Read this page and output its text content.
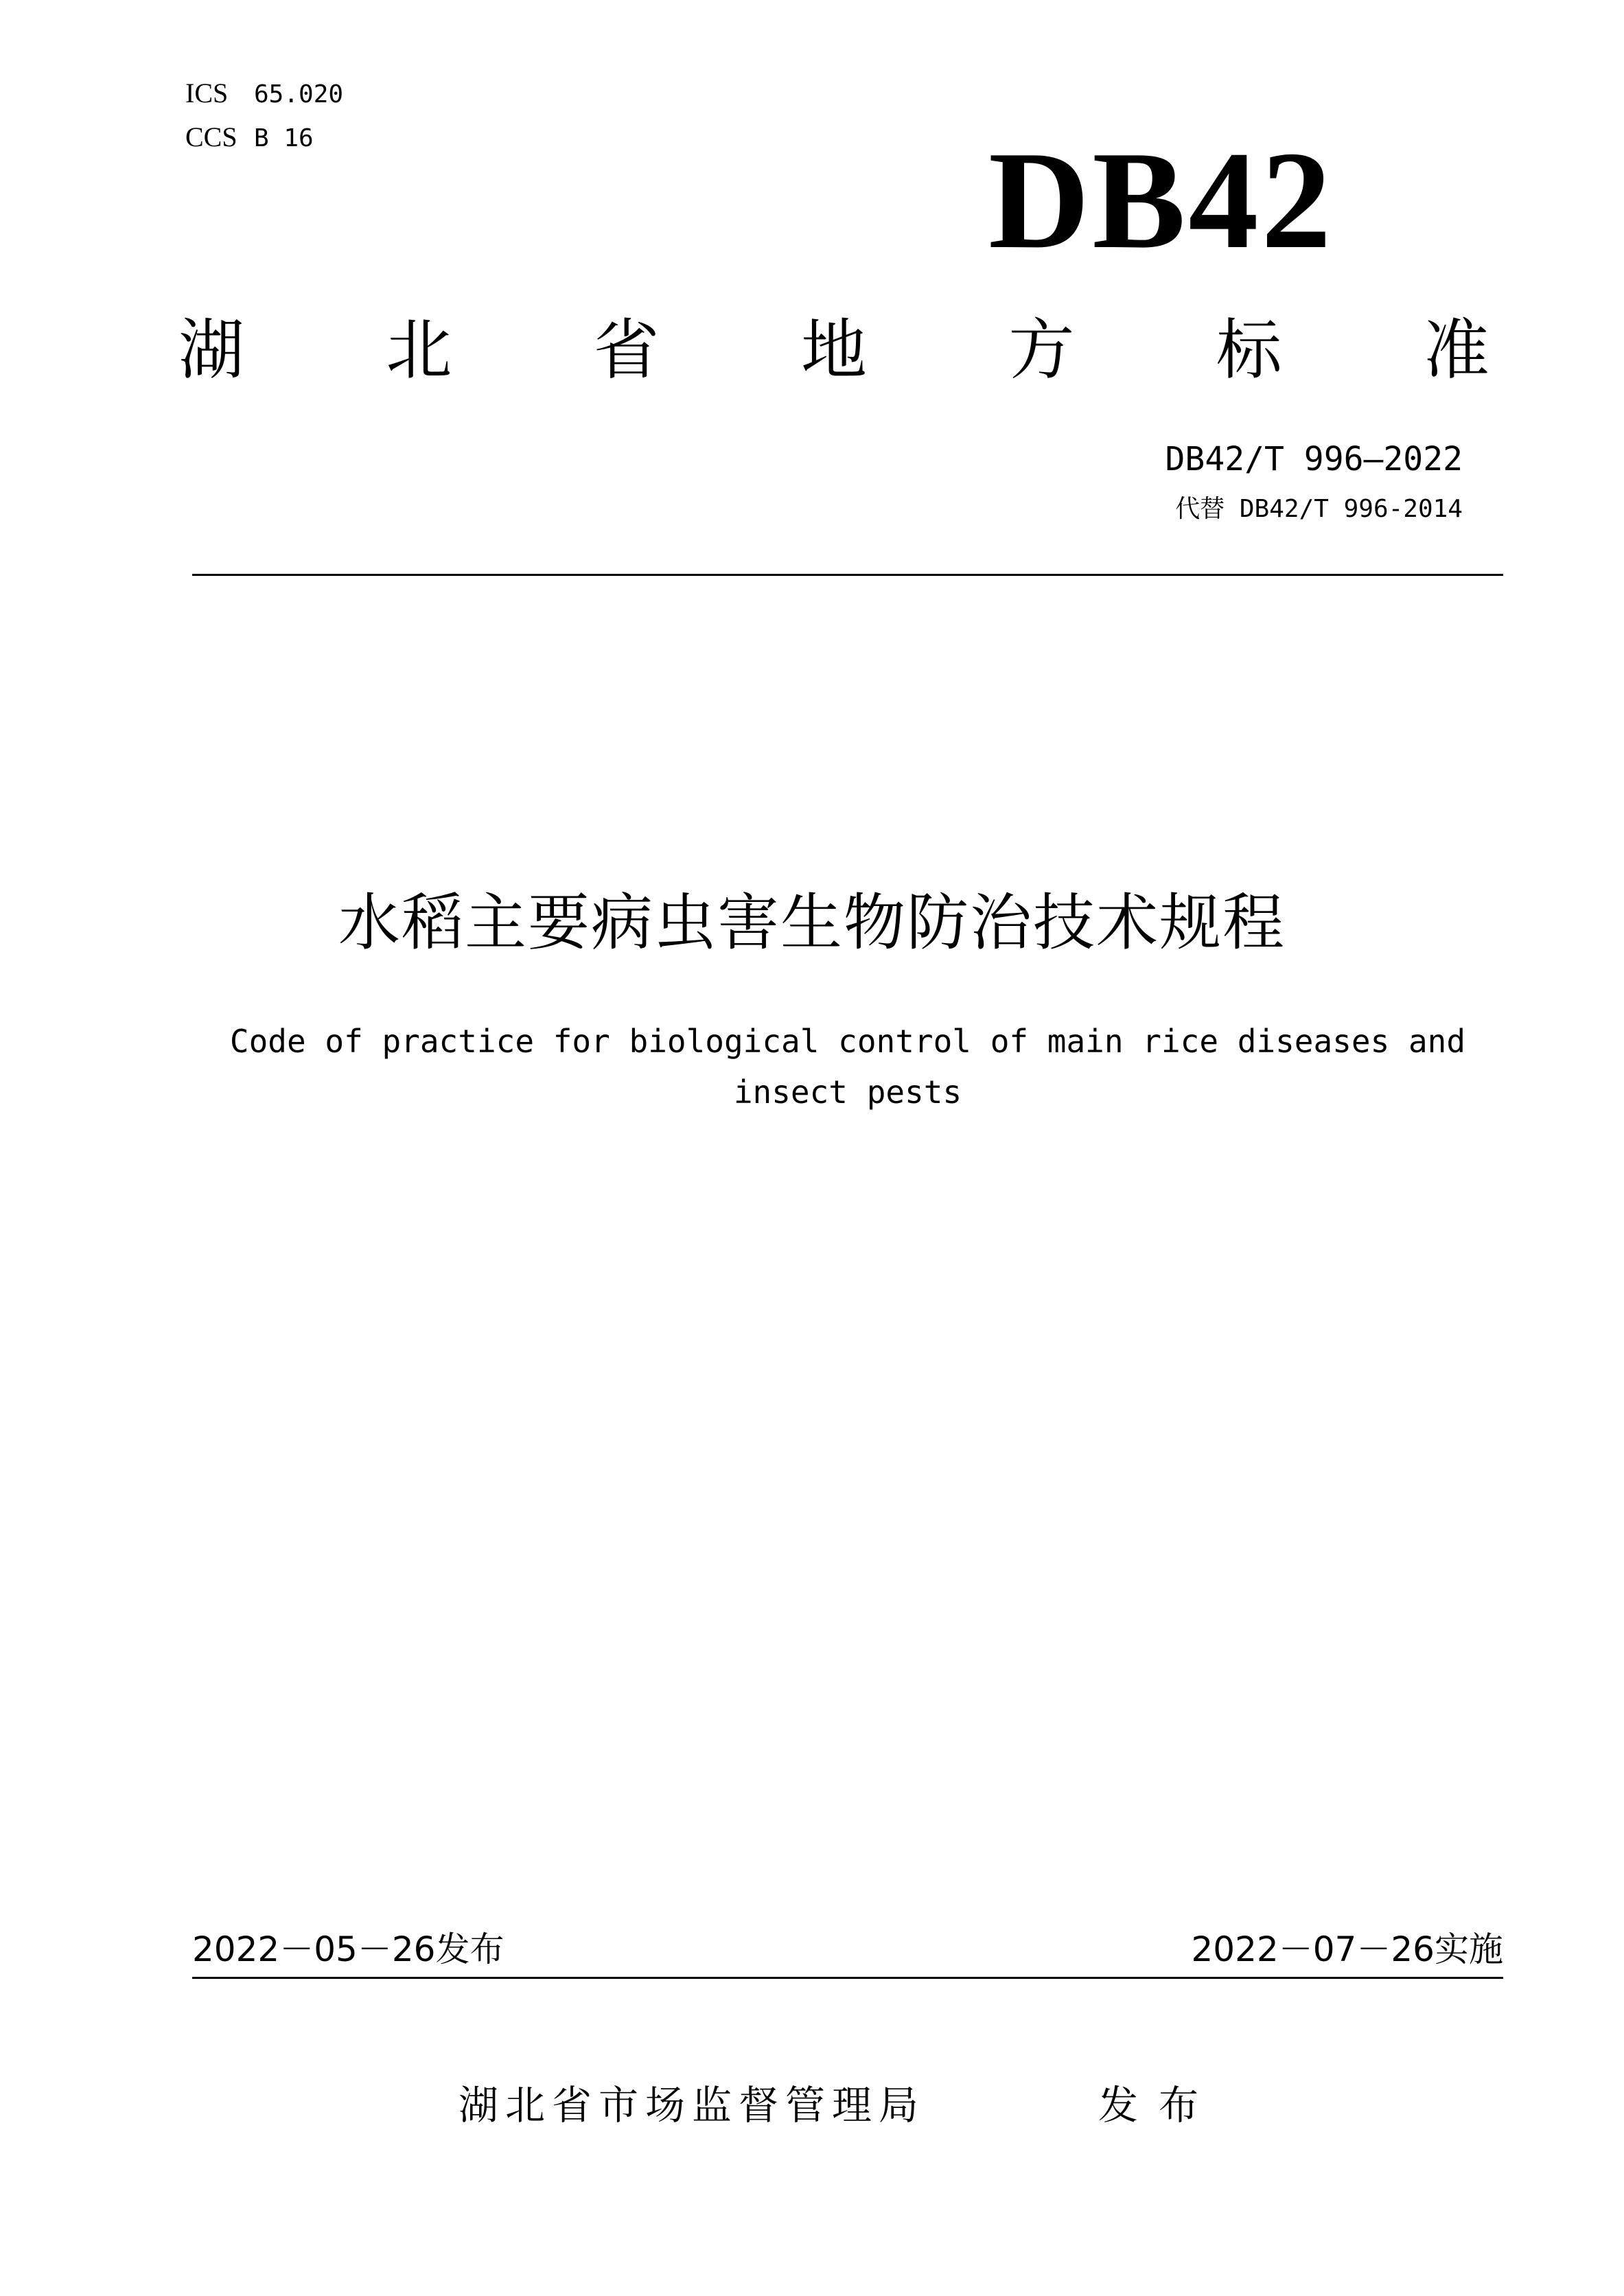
ICS 65.020
CCS B 16	DB42
湖 北 省 地 方 标 准
DB42/T 996—2022
代替 DB42/T 996-2014
水稻主要病虫害生物防治技术规程
Code of practice for biological control of main rice diseases and insect pests
2022－05－26发布	2022－07－26实施
湖北省市场监督管理局	发布
